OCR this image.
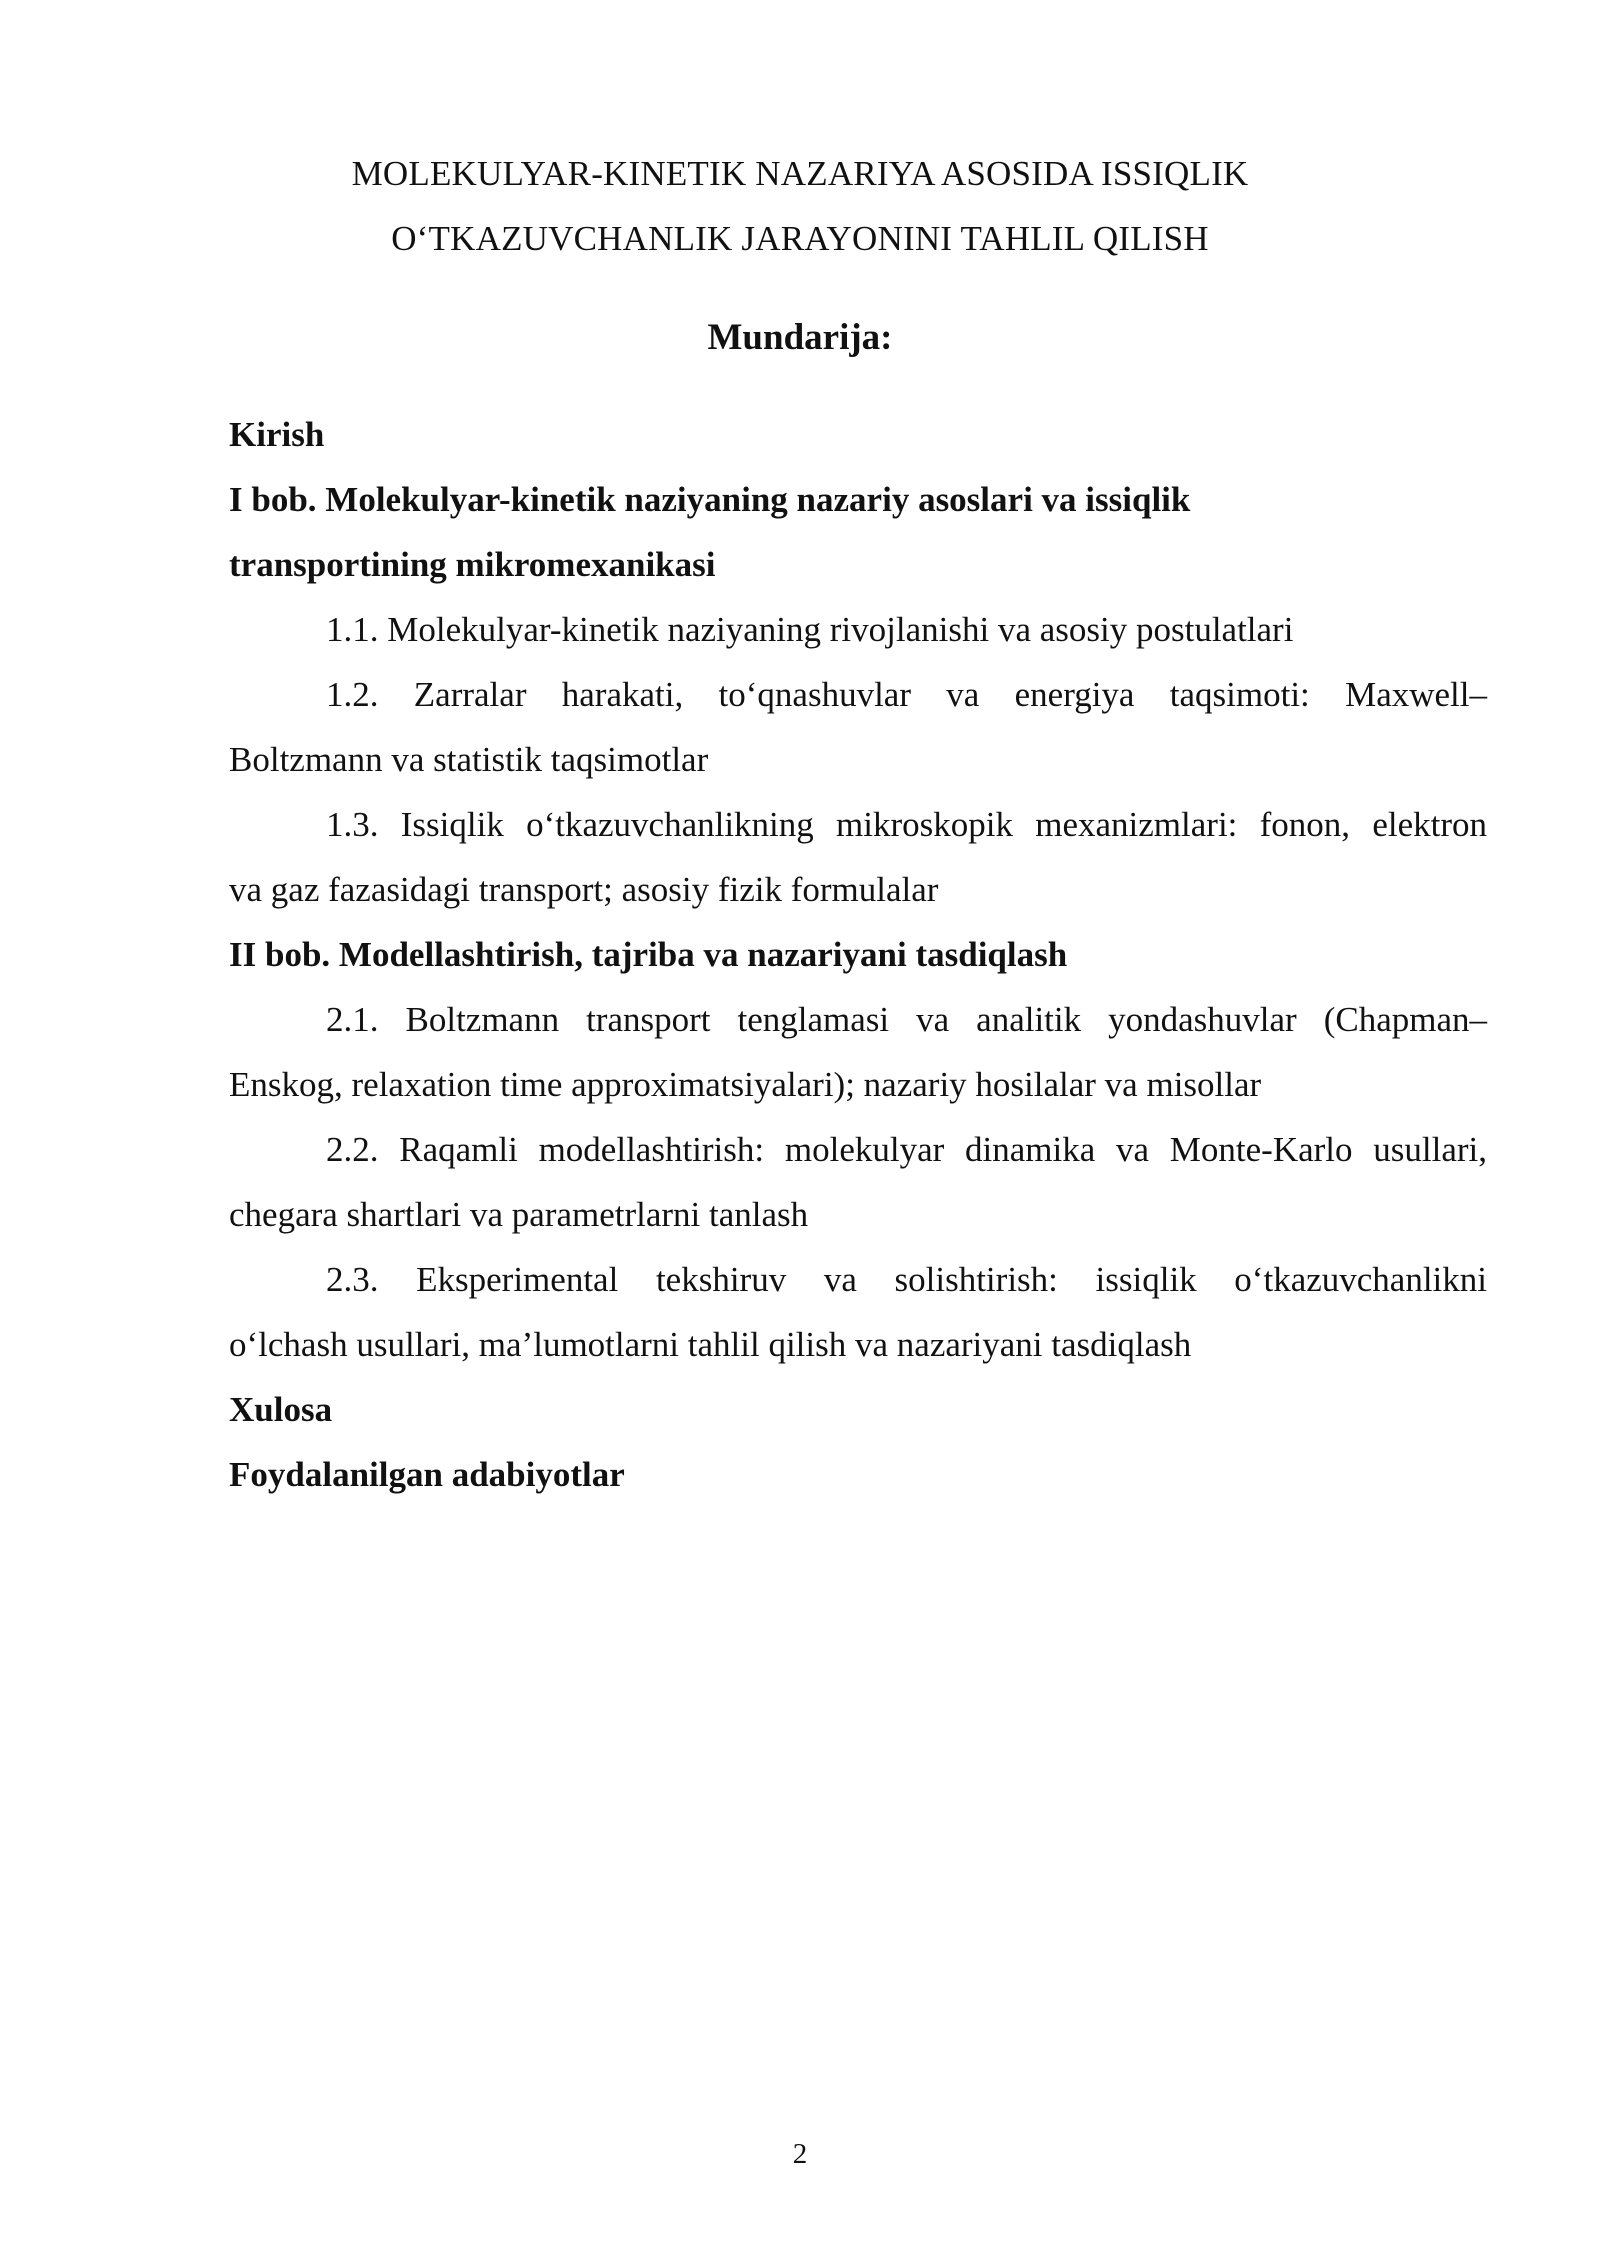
MOLEKULYAR-KINETIK NAZARIYA ASOSIDA ISSIQLIK
O‘TKAZUVCHANLIK JARAYONINI TAHLIL QILISH
Mundarija:
Kirish
I bob. Molekulyar-kinetik naziyaning nazariy asoslari va issiqlik
transportining mikromexanikasi
1.1. Molekulyar-kinetik naziyaning rivojlanishi va asosiy postulatlari
1.2. Zarralar harakati, to‘qnashuvlar va energiya taqsimoti: Maxwell–
Boltzmann va statistik taqsimotlar
1.3. Issiqlik o‘tkazuvchanlikning mikroskopik mexanizmlari: fonon, elektron
va gaz fazasidagi transport; asosiy fizik formulalar
II bob. Modellashtirish, tajriba va nazariyani tasdiqlash
2.1. Boltzmann transport tenglamasi va analitik yondashuvlar (Chapman–
Enskog, relaxation time approximatsiyalari); nazariy hosilalar va misollar
2.2. Raqamli modellashtirish: molekulyar dinamika va Monte-Karlo usullari,
chegara shartlari va parametrlarni tanlash
2.3. Eksperimental tekshiruv va solishtirish: issiqlik o‘tkazuvchanlikni
o‘lchash usullari, ma’lumotlarni tahlil qilish va nazariyani tasdiqlash
Xulosa
Foydalanilgan adabiyotlar
2
